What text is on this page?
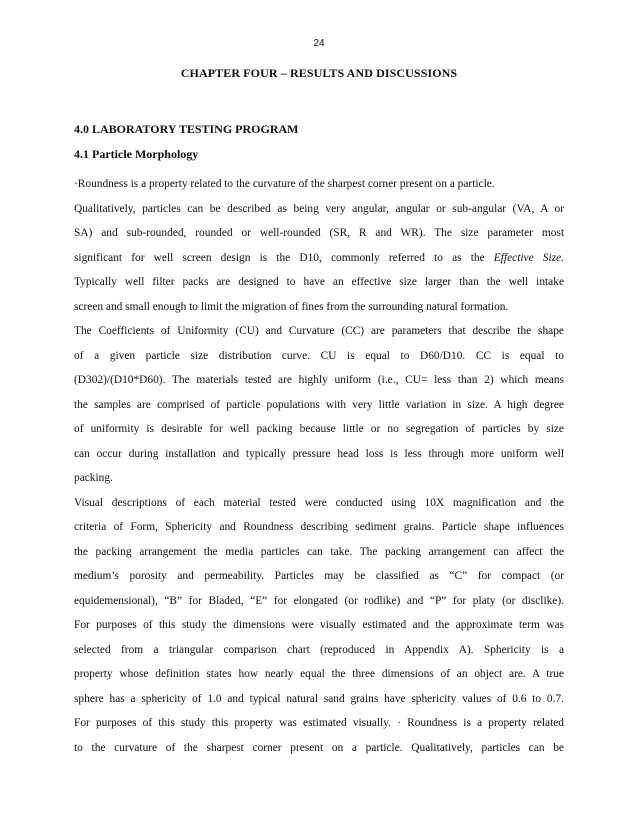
24
CHAPTER FOUR – RESULTS AND DISCUSSIONS
4.0 LABORATORY TESTING PROGRAM
4.1 Particle Morphology
·Roundness is a property related to the curvature of the sharpest corner present on a particle.
Qualitatively, particles can be described as being very angular, angular or sub-angular (VA, A or
SA) and sub-rounded, rounded or well-rounded (SR, R and WR). The size parameter most
significant for well screen design is the D10, commonly referred to as the Effective Size.
Typically well filter packs are designed to have an effective size larger than the well intake
screen and small enough to limit the migration of fines from the surrounding natural formation.
The Coefficients of Uniformity (CU) and Curvature (CC) are parameters that describe the shape
of a given particle size distribution curve. CU is equal to D60/D10. CC is equal to
(D302)/(D10*D60). The materials tested are highly uniform (i.e., CU= less than 2) which means
the samples are comprised of particle populations with very little variation in size. A high degree
of uniformity is desirable for well packing because little or no segregation of particles by size
can occur during installation and typically pressure head loss is less through more uniform well
packing.
Visual descriptions of each material tested were conducted using 10X magnification and the
criteria of Form, Sphericity and Roundness describing sediment grains. Particle shape influences
the packing arrangement the media particles can take. The packing arrangement can affect the
medium’s porosity and permeability. Particles may be classified as “C” for compact (or
equidemensional), “B” for Bladed, “E” for elongated (or rodlike) and “P” for platy (or disclike).
For purposes of this study the dimensions were visually estimated and the approximate term was
selected from a triangular comparison chart (reproduced in Appendix A). Sphericity is a
property whose definition states how nearly equal the three dimensions of an object are. A true
sphere has a sphericity of 1.0 and typical natural sand grains have sphericity values of 0.6 to 0.7.
For purposes of this study this property was estimated visually. · Roundness is a property related
to the curvature of the sharpest corner present on a particle. Qualitatively, particles can be
